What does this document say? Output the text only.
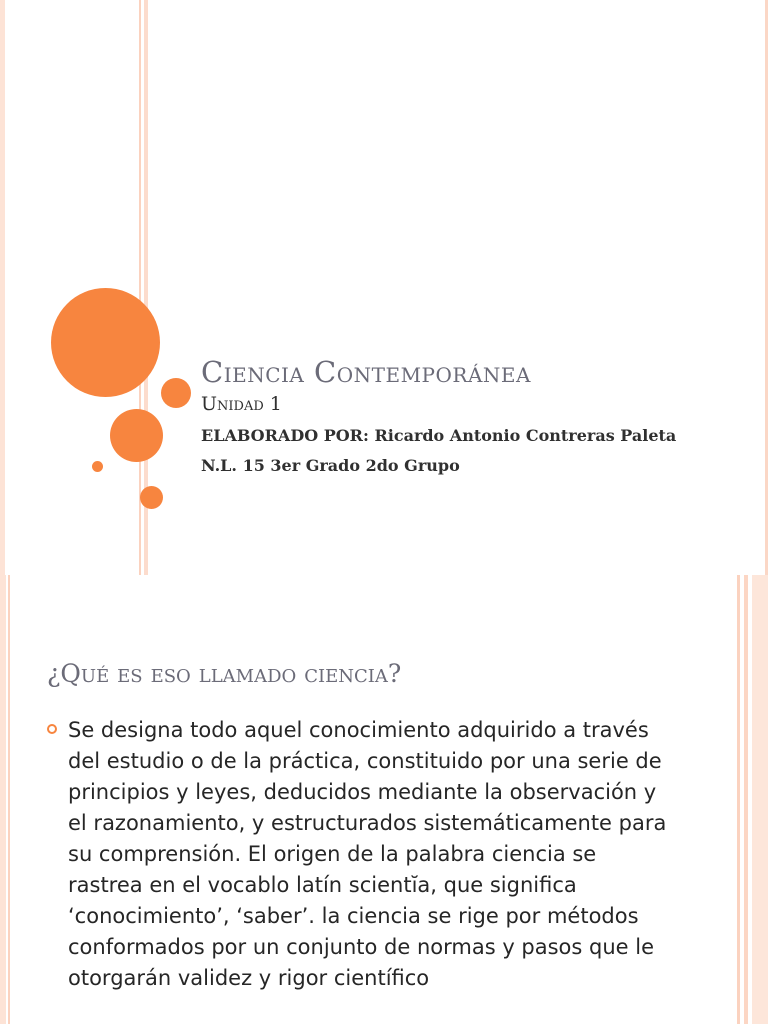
Ciencia Contemporánea
Unidad 1
ELABORADO POR: Ricardo Antonio Contreras Paleta
N.L. 15 3er Grado 2do Grupo
¿Qué es eso llamado ciencia?
Se designa todo aquel conocimiento adquirido a través del estudio o de la práctica, constituido por una serie de principios y leyes, deducidos mediante la observación y el razonamiento, y estructurados sistemáticamente para su comprensión. El origen de la palabra ciencia se rastrea en el vocablo latín scientĭa, que significa ‘conocimiento’, ‘saber’. la ciencia se rige por métodos conformados por un conjunto de normas y pasos que le otorgarán validez y rigor científico
